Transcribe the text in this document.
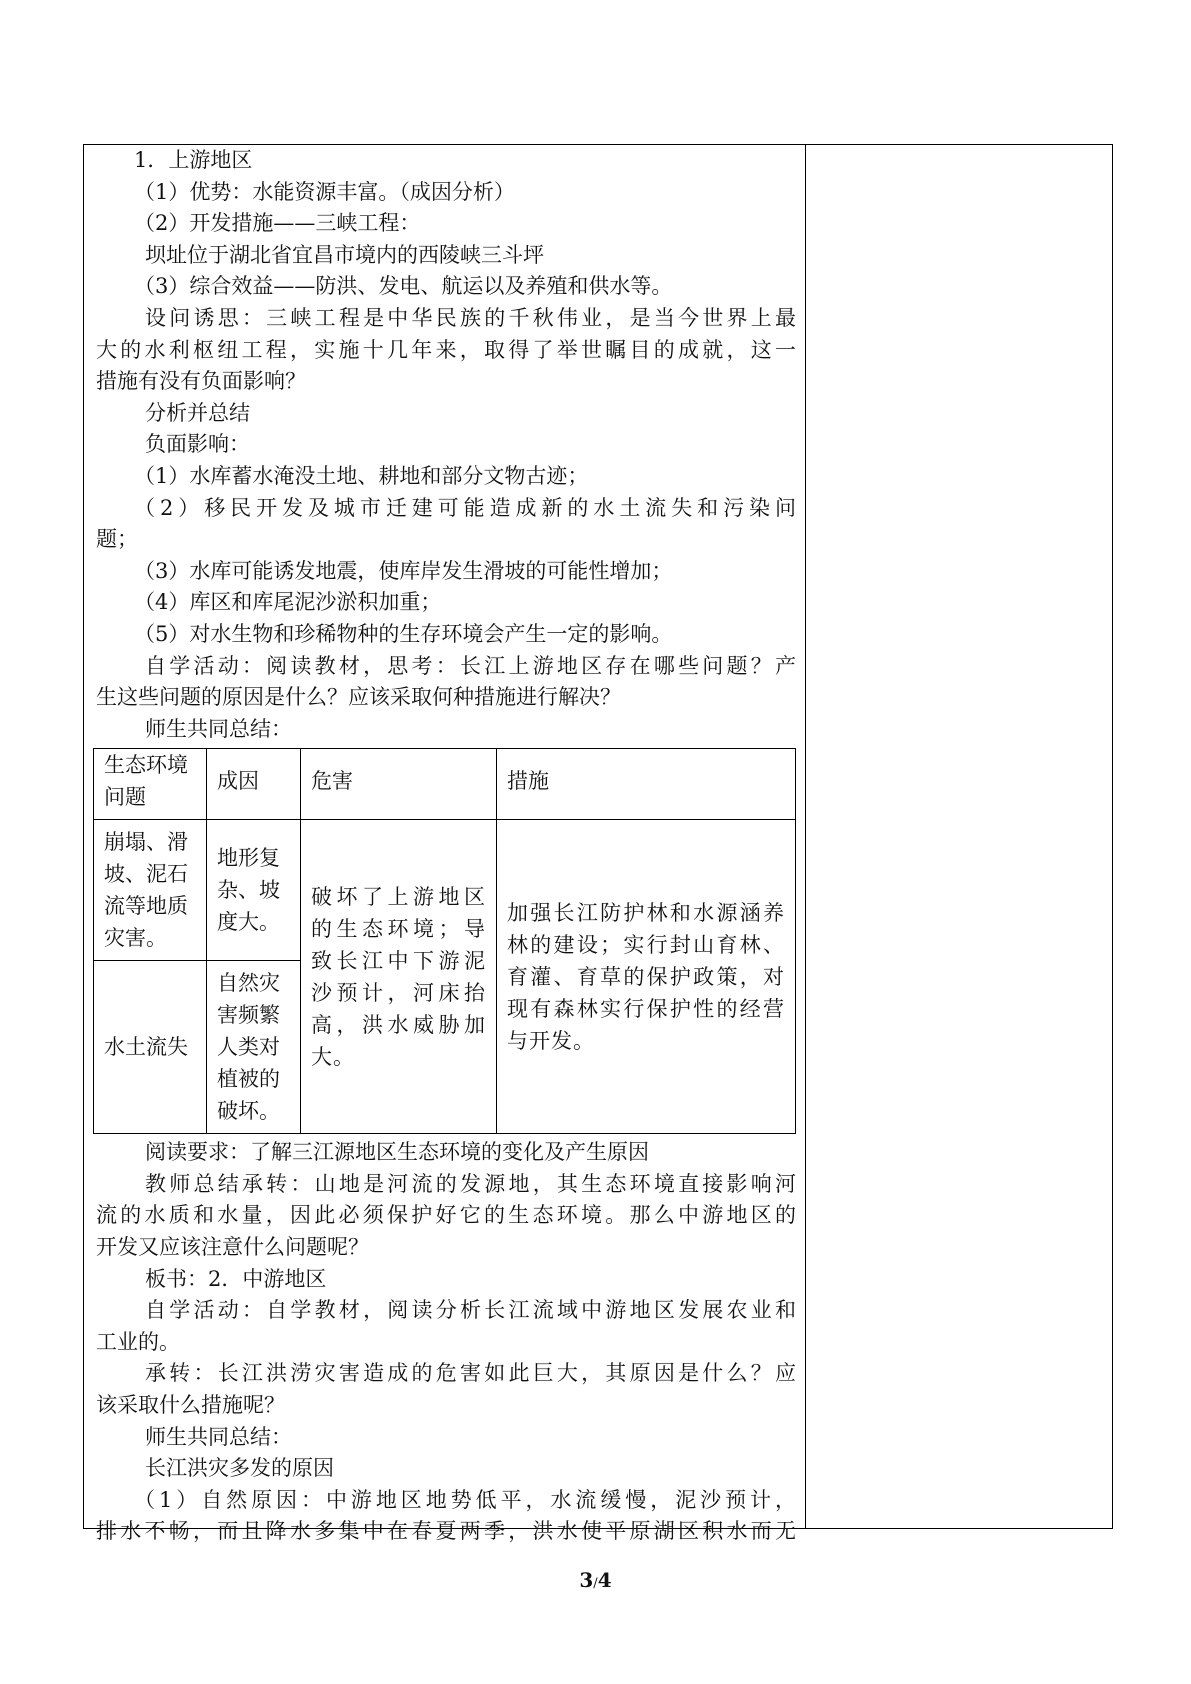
1．上游地区
（1）优势：水能资源丰富。（成因分析）
（2）开发措施——三峡工程：
坝址位于湖北省宜昌市境内的西陵峡三斗坪
（3）综合效益——防洪、发电、航运以及养殖和供水等。
设问诱思：三峡工程是中华民族的千秋伟业，是当今世界上最
大的水利枢纽工程，实施十几年来，取得了举世瞩目的成就，这一
措施有没有负面影响？
分析并总结
负面影响：
（1）水库蓄水淹没土地、耕地和部分文物古迹；
（2）移民开发及城市迁建可能造成新的水土流失和污染问
题；
（3）水库可能诱发地震，使库岸发生滑坡的可能性增加；
（4）库区和库尾泥沙淤积加重；
（5）对水生物和珍稀物种的生存环境会产生一定的影响。
自学活动：阅读教材，思考：长江上游地区存在哪些问题？产
生这些问题的原因是什么？应该采取何种措施进行解决？
师生共同总结：
生态环境问题	成因	危害	措施
崩塌、滑坡、泥石流等地质灾害。	地形复杂、坡度大。	破坏了上游地区的生态环境；导致长江中下游泥沙预计，河床抬高，洪水威胁加大。	加强长江防护林和水源涵养林的建设；实行封山育林、育灌、育草的保护政策，对现有森林实行保护性的经营与开发。
水土流失	自然灾害频繁人类对植被的破坏。		
阅读要求：了解三江源地区生态环境的变化及产生原因
教师总结承转：山地是河流的发源地，其生态环境直接影响河
流的水质和水量，因此必须保护好它的生态环境。那么中游地区的
开发又应该注意什么问题呢？
板书：2．中游地区
自学活动：自学教材，阅读分析长江流域中游地区发展农业和
工业的。
承转：长江洪涝灾害造成的危害如此巨大，其原因是什么？应
该采取什么措施呢？
师生共同总结：
长江洪灾多发的原因
（1）自然原因：中游地区地势低平，水流缓慢，泥沙预计，
排水不畅，而且降水多集中在春夏两季，洪水使平原湖区积水而无
3/4
